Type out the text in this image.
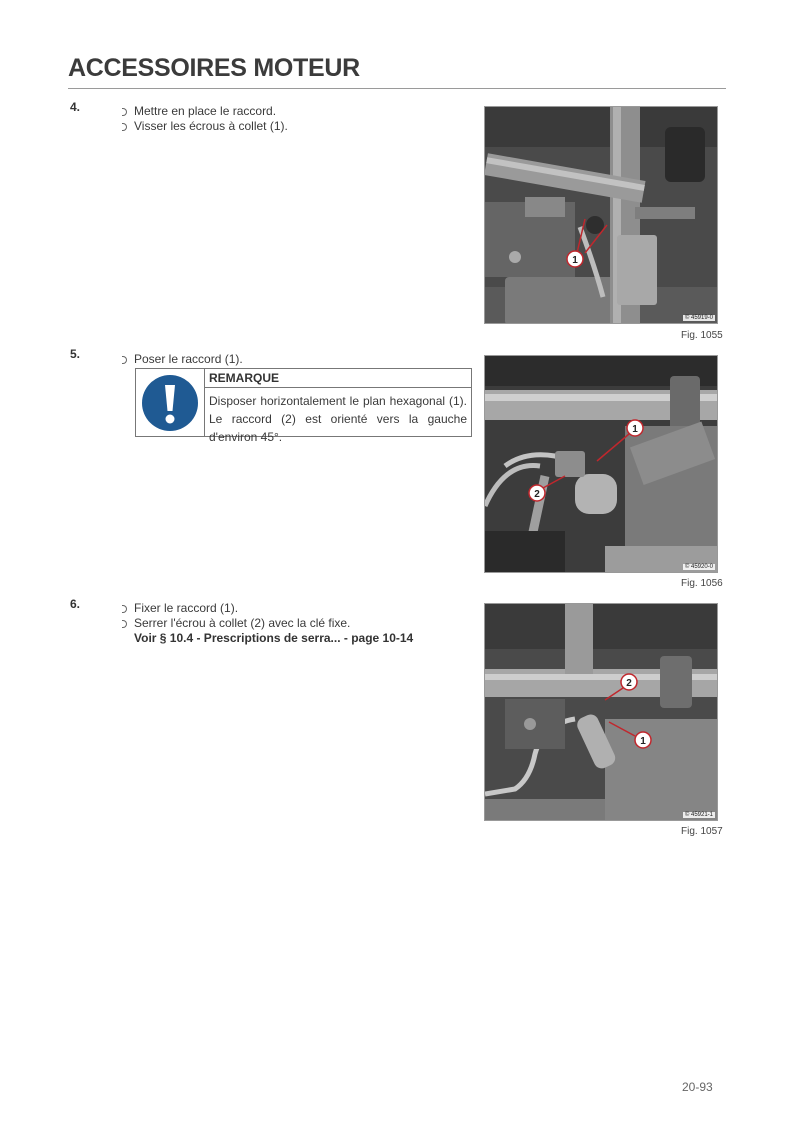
ACCESSOIRES MOTEUR
4.	Mettre en place le raccord.
Visser les écrous à collet (1).
1
© 45919-0
Fig. 1055
5.	Poser le raccord (1).
REMARQUE
Disposer horizontalement le plan hexagonal (1). Le raccord (2) est orienté vers la gauche d'environ 45°.
1
2
© 45920-0
Fig. 1056
6.	Fixer le raccord (1).
Serrer l'écrou à collet (2) avec la clé fixe.
Voir § 10.4 - Prescriptions de serra... - page 10-14
2
1
© 45921-1
Fig. 1057
20-93
